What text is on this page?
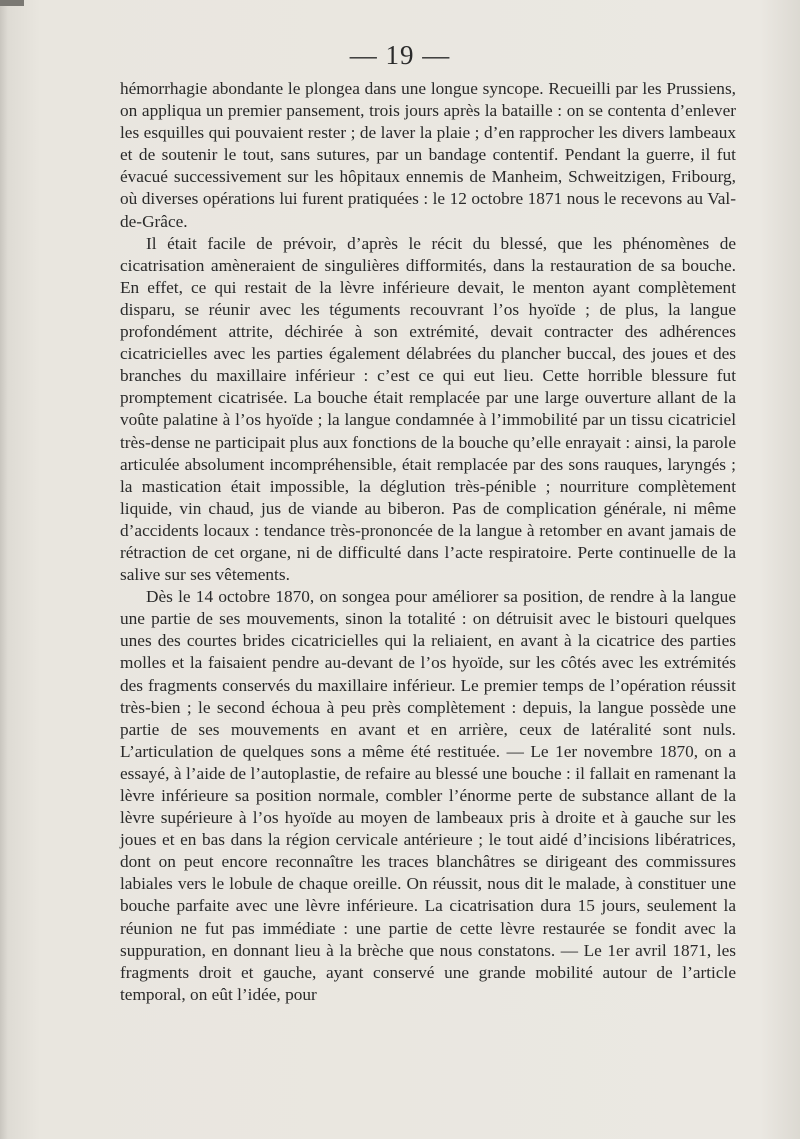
— 19 —

hémorrhagie abondante le plongea dans une longue syncope. Recueilli par les Prussiens, on appliqua un premier pansement, trois jours après la bataille : on se contenta d’enlever les esquilles qui pouvaient rester ; de laver la plaie ; d’en rapprocher les divers lambeaux et de soutenir le tout, sans sutures, par un bandage contentif. Pendant la guerre, il fut évacué successivement sur les hôpitaux ennemis de Manheim, Schweitzigen, Fribourg, où diverses opérations lui furent pratiquées : le 12 octobre 1871 nous le recevons au Val-de-Grâce.

Il était facile de prévoir, d’après le récit du blessé, que les phénomènes de cicatrisation amèneraient de singulières difformités, dans la restauration de sa bouche. En effet, ce qui restait de la lèvre inférieure devait, le menton ayant complètement disparu, se réunir avec les téguments recouvrant l’os hyoïde ; de plus, la langue profondément attrite, déchirée à son extrémité, devait contracter des adhérences cicatricielles avec les parties également délabrées du plancher buccal, des joues et des branches du maxillaire inférieur : c’est ce qui eut lieu. Cette horrible blessure fut promptement cicatrisée. La bouche était remplacée par une large ouverture allant de la voûte palatine à l’os hyoïde ; la langue condamnée à l’immobilité par un tissu cicatriciel très-dense ne participait plus aux fonctions de la bouche qu’elle enrayait : ainsi, la parole articulée absolument incompréhensible, était remplacée par des sons rauques, laryngés ; la mastication était impossible, la déglution très-pénible ; nourriture complètement liquide, vin chaud, jus de viande au biberon. Pas de complication générale, ni même d’accidents locaux : tendance très-prononcée de la langue à retomber en avant jamais de rétraction de cet organe, ni de difficulté dans l’acte respiratoire. Perte continuelle de la salive sur ses vêtements.

Dès le 14 octobre 1870, on songea pour améliorer sa position, de rendre à la langue une partie de ses mouvements, sinon la totalité : on détruisit avec le bistouri quelques unes des courtes brides cicatricielles qui la reliaient, en avant à la cicatrice des parties molles et la faisaient pendre au-devant de l’os hyoïde, sur les côtés avec les extrémités des fragments conservés du maxillaire inférieur. Le premier temps de l’opération réussit très-bien ; le second échoua à peu près complètement : depuis, la langue possède une partie de ses mouvements en avant et en arrière, ceux de latéralité sont nuls. L’articulation de quelques sons a même été restituée. — Le 1er novembre 1870, on a essayé, à l’aide de l’autoplastie, de refaire au blessé une bouche : il fallait en ramenant la lèvre inférieure sa position normale, combler l’énorme perte de substance allant de la lèvre supérieure à l’os hyoïde au moyen de lambeaux pris à droite et à gauche sur les joues et en bas dans la région cervicale antérieure ; le tout aidé d’incisions libératrices, dont on peut encore reconnaître les traces blanchâtres se dirigeant des commissures labiales vers le lobule de chaque oreille. On réussit, nous dit le malade, à constituer une bouche parfaite avec une lèvre inférieure. La cicatrisation dura 15 jours, seulement la réunion ne fut pas immédiate : une partie de cette lèvre restaurée se fondit avec la suppuration, en donnant lieu à la brèche que nous constatons. — Le 1er avril 1871, les fragments droit et gauche, ayant conservé une grande mobilité autour de l’article temporal, on eût l’idée, pour
